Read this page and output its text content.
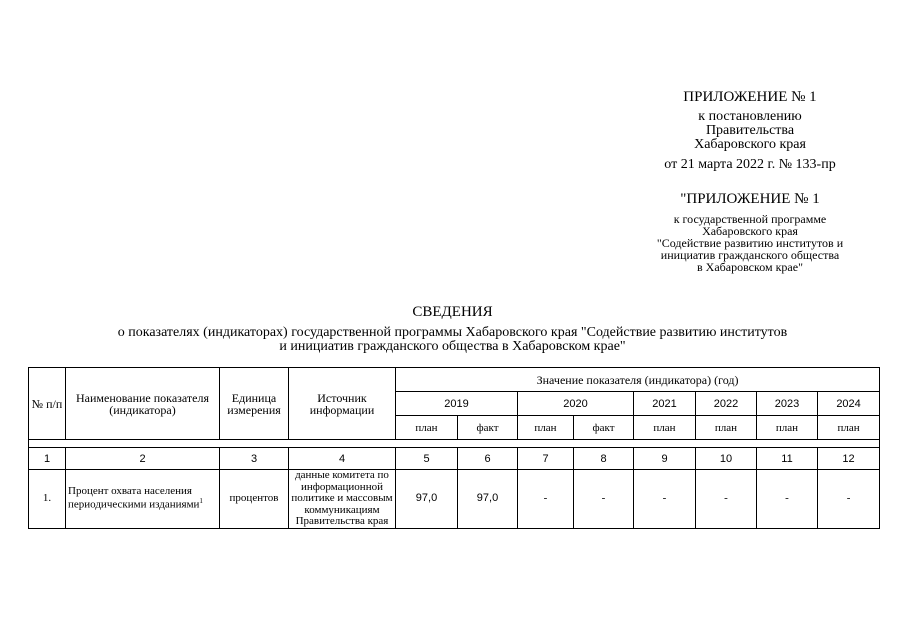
ПРИЛОЖЕНИЕ № 1
к постановлению
Правительства
Хабаровского края
от 21 марта 2022 г. № 133-пр
"ПРИЛОЖЕНИЕ № 1
к государственной программе
Хабаровского края
"Содействие развитию институтов и
инициатив гражданского общества
в Хабаровском крае"
СВЕДЕНИЯ
о показателях (индикаторах) государственной программы Хабаровского края "Содействие развитию институтов
и инициатив гражданского общества в Хабаровском крае"
№ п/п	Наименование показателя (индикатора)	Единица измерения	Источник информации	Значение показателя (индикатора) (год)							
				2019		2020		2021	2022	2023	2024
				план	факт	план	факт	план	план	план	план

1	2	3	4	5	6	7	8	9	10	11	12
1.	Процент охвата населения периодическими изданиями$^1$	процентов	данные комитета по информационной политике и массовым коммуникациям Правительства края	97,0	97,0	-	-	-	-	-	-
